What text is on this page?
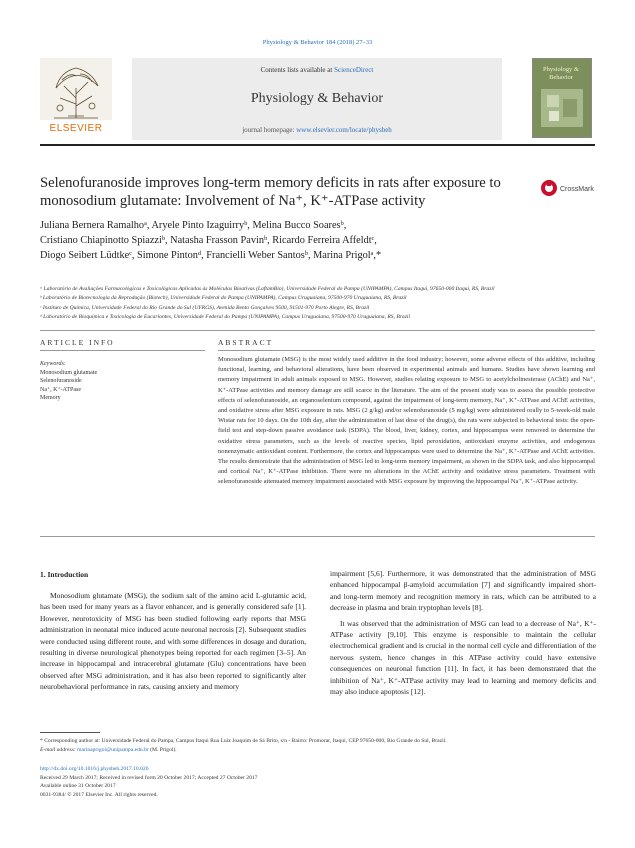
Physiology & Behavior 184 (2018) 27–33
Contents lists available at ScienceDirect
Physiology & Behavior
journal homepage: www.elsevier.com/locate/physbeh
ELSEVIER
Physiology & Behavior
Selenofuranoside improves long-term memory deficits in rats after exposure to monosodium glutamate: Involvement of Na⁺, K⁺-ATPase activity
CrossMark
Juliana Bernera Ramalhoᵃ, Aryele Pinto Izaguirryᵇ, Melina Bucco Soaresᵇ,
Cristiano Chiapinotto Spiazziᵇ, Natasha Frasson Pavinᵇ, Ricardo Ferreira Affeldtᶜ,
Diogo Seibert Lüdtkeᶜ, Simone Pintonᵈ, Francielli Weber Santosᵇ, Marina Prigolᵃ,*
ᵃ Laboratório de Avaliações Farmacológicas e Toxicológicas Aplicadas às Moléculas Bioativas (LaftamBio), Universidade Federal do Pampa (UNIPAMPA), Campus Itaqui, 97650-000 Itaqui, RS, Brazil
ᵇ Laboratório de Biotecnologia da Reprodução (Biotech), Universidade Federal do Pampa (UNIPAMPA), Campus Uruguaiana, 97500-970 Uruguaiana, RS, Brazil
ᶜ Instituto de Química, Universidade Federal do Rio Grande do Sul (UFRGS), Avenida Bento Gonçalves 9500, 91501-970 Porto Alegre, RS, Brazil
ᵈ Laboratório de Bioquímica e Toxicologia de Eucariontes, Universidade Federal do Pampa (UNIPAMPA), Campus Uruguaiana, 97500-970 Uruguaiana, RS, Brazil
ARTICLE INFO	ABSTRACT
Keywords:
Monosodium glutamate
Selenofuranoside
Na⁺, K⁺-ATPase
Memory
Monosodium glutamate (MSG) is the most widely used additive in the food industry; however, some adverse effects of this additive, including functional, learning, and behavioral alterations, have been observed in experimental animals and humans. Studies have shown learning and memory impairment in adult animals exposed to MSG. However, studies relating exposure to MSG to acetylcholinesterase (AChE) and Na⁺, K⁺-ATPase activities and memory damage are still scarce in the literature. The aim of the present study was to assess the possible protective effects of selenofuranoside, an organoselenium compound, against the impairment of long-term memory, Na⁺, K⁺-ATPase and AChE activities, and oxidative stress after MSG exposure in rats. MSG (2 g/kg) and/or selenofuranoside (5 mg/kg) were administered orally to 5-week-old male Wistar rats for 10 days. On the 10th day, after the administration of last dose of the drug(s), the rats were subjected to behavioral tests: the open-field test and step-down passive avoidance task (SDPA). The blood, liver, kidney, cortex, and hippocampus were removed to determine the oxidative stress parameters, such as the levels of reactive species, lipid peroxidation, antioxidant enzyme activities, and endogenous nonenzymatic antioxidant content. Furthermore, the cortex and hippocampus were used to determine the Na⁺, K⁺-ATPase and AChE activities. The results demonstrate that the administration of MSG led to long-term memory impairment, as shown in the SDPA task, and also hippocampal and cortical Na⁺, K⁺-ATPase inhibition. There were no alterations in the AChE activity and oxidative stress parameters. Treatment with selenofuranoside attenuated memory impairment associated with MSG exposure by improving the hippocampal Na⁺, K⁺-ATPase activity.
1. Introduction

Monosodium glutamate (MSG), the sodium salt of the amino acid L-glutamic acid, has been used for many years as a flavor enhancer, and is generally considered safe [1]. However, neurotoxicity of MSG has been studied following early reports that MSG administration in neonatal mice induced acute neuronal necrosis [2]. Subsequent studies were conducted using different route, and with some differences in dosage and duration, resulting in diverse neurological phenotypes being reported for each regimen [3–5]. An increase in hippocampal and intracerebral glutamate (Glu) concentrations have been observed after MSG administration, and it has also been reported to significantly alter neurobehavioral performance in rats, causing anxiety and memory

impairment [5,6]. Furthermore, it was demonstrated that the administration of MSG enhanced hippocampal β-amyloid accumulation [7] and significantly impaired short- and long-term memory and recognition memory in rats, which can be attributed to a decrease in plasma and brain tryptophan levels [8].

It was observed that the administration of MSG can lead to a decrease of Na⁺, K⁺-ATPase activity [9,10]. This enzyme is responsible to maintain the cellular electrochemical gradient and is crucial in the normal cell cycle and differentiation of the nervous system, hence changes in this ATPase activity could have extensive consequences on neuronal function [11]. In fact, it has been demonstrated that the inhibition of Na⁺, K⁺-ATPase activity may lead to learning and memory deficits and may also induce apoptosis [12].

* Corresponding author at: Universidade Federal do Pampa, Campus Itaqui Rua Luiz Joaquim de Sá Brito, s/n - Bairro: Promorar, Itaqui, CEP 97650-000, Rio Grande do Sul, Brazil.
E-mail address: marinaprigol@unipampa.edu.br (M. Prigol).
http://dx.doi.org/10.1016/j.physbeh.2017.10.026
Received 29 March 2017; Received in revised form 20 October 2017; Accepted 27 October 2017
Available online 31 October 2017
0031-9384/ © 2017 Elsevier Inc. All rights reserved.
